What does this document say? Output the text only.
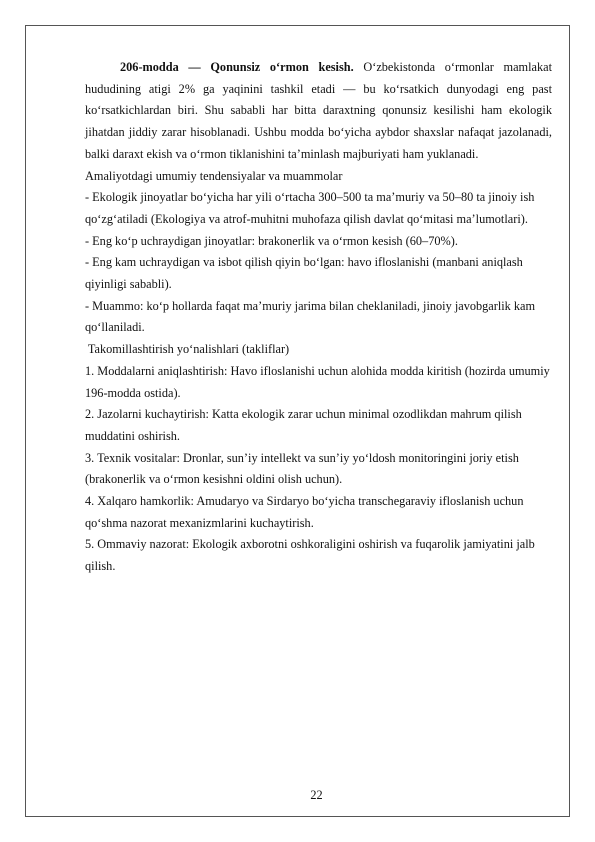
206-modda — Qonunsiz o‘rmon kesish. O‘zbekistonda o‘rmonlar mamlakat hududining atigi 2% ga yaqinini tashkil etadi — bu ko‘rsatkich dunyodagi eng past ko‘rsatkichlardan biri. Shu sababli har bitta daraxtning qonunsiz kesilishi ham ekologik jihatdan jiddiy zarar hisoblanadi. Ushbu modda bo‘yicha aybdor shaxslar nafaqat jazolanadi, balki daraxt ekish va o‘rmon tiklanishini ta’minlash majburiyati ham yuklanadi.

Amaliyotdagi umumiy tendensiyalar va muammolar

- Ekologik jinoyatlar bo‘yicha har yili o‘rtacha 300–500 ta ma’muriy va 50–80 ta jinoiy ish qo‘zg‘atiladi (Ekologiya va atrof-muhitni muhofaza qilish davlat qo‘mitasi ma’lumotlari).

- Eng ko‘p uchraydigan jinoyatlar: brakonerlik va o‘rmon kesish (60–70%).

- Eng kam uchraydigan va isbot qilish qiyin bo‘lgan: havo ifloslanishi (manbani aniqlash qiyinligi sababli).

- Muammo: ko‘p hollarda faqat ma’muriy jarima bilan cheklaniladi, jinoiy javobgarlik kam qo‘llaniladi.

Takomillashtirish yo‘nalishlari (takliflar)

1. Moddalarni aniqlashtirish: Havo ifloslanishi uchun alohida modda kiritish (hozirda umumiy 196-modda ostida).

2. Jazolarni kuchaytirish: Katta ekologik zarar uchun minimal ozodlikdan mahrum qilish muddatini oshirish.

3. Texnik vositalar: Dronlar, sun’iy intellekt va sun’iy yo‘ldosh monitoringini joriy etish (brakonerlik va o‘rmon kesishni oldini olish uchun).

4. Xalqaro hamkorlik: Amudaryo va Sirdaryo bo‘yicha transchegaraviy ifloslanish uchun qo‘shma nazorat mexanizmlarini kuchaytirish.

5. Ommaviy nazorat: Ekologik axborotni oshkoraligini oshirish va fuqarolik jamiyatini jalb qilish.

22
